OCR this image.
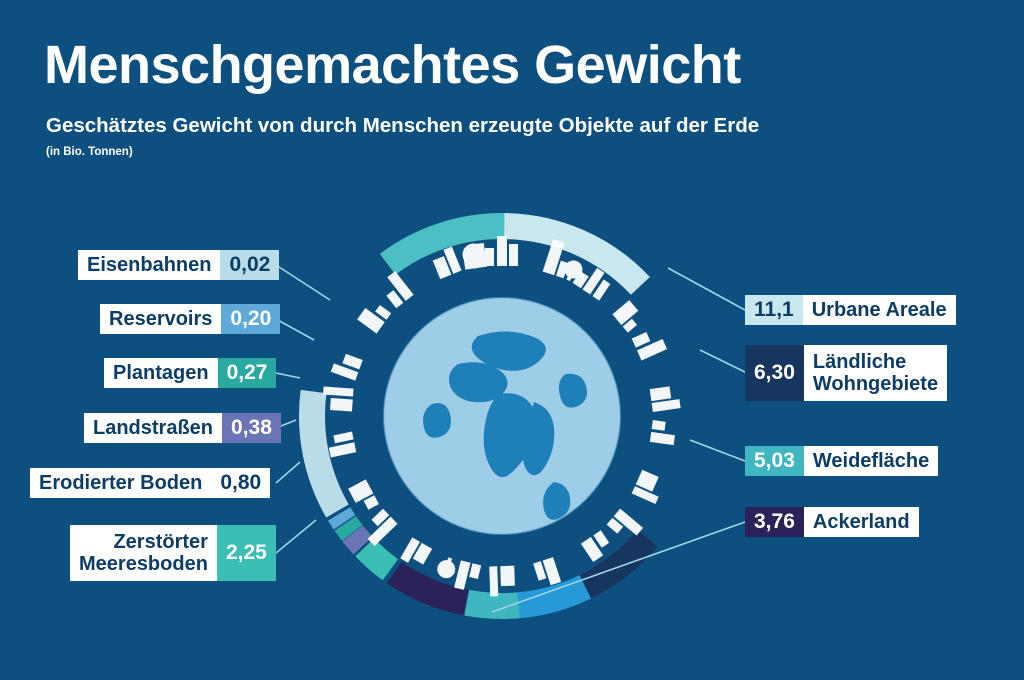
Menschgemachtes Gewicht
Geschätztes Gewicht von durch Menschen erzeugte Objekte auf der Erde
(in Bio. Tonnen)
Eisenbahnen 0,02
Reservoirs 0,20
Plantagen 0,27
Landstraßen 0,38
Erodierter Boden 0,80
Zerstörter
Meeresboden 2,25
11,1 Urbane Areale
6,30 Ländliche
Wohngebiete
5,03 Weidefläche
3,76 Ackerland
